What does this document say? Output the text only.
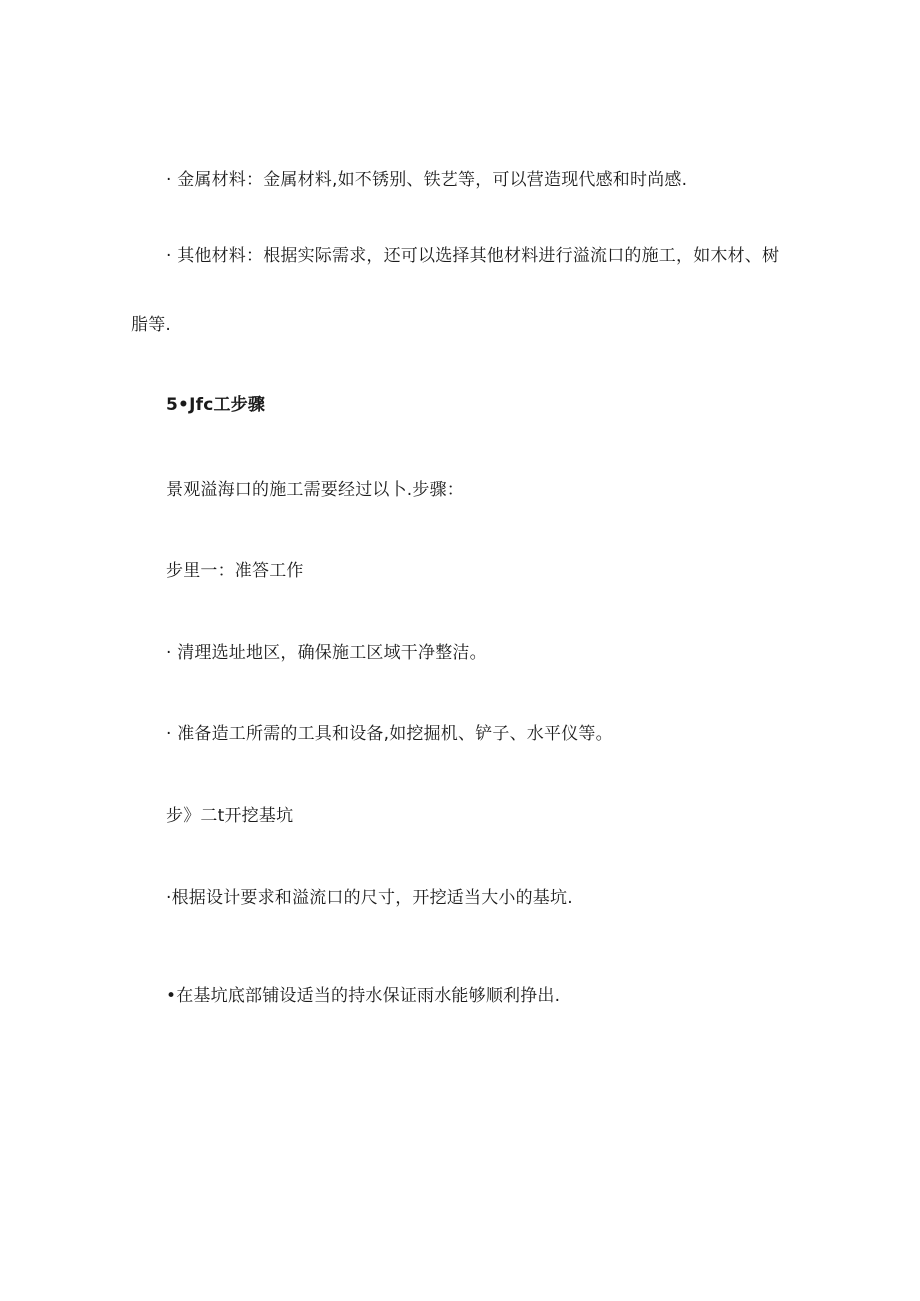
· 金属材料：金属材料,如不锈别、铁艺等，可以营造现代感和时尚感.
· 其他材料：根据实际需求，还可以选择其他材料进行溢流口的施工，如木材、树
脂等.
5•Jfc工步骤
景观溢海口的施工需要经过以卜.步骤：
步里一：准答工作
· 清理选址地区，确保施工区域干净整洁。
· 准备造工所需的工具和设备,如挖掘机、铲子、水平仪等。
步》二t开挖基坑
·根据设计要求和溢流口的尺寸，开挖适当大小的基坑.
•在基坑底部铺设适当的持水保证雨水能够顺利挣出.
